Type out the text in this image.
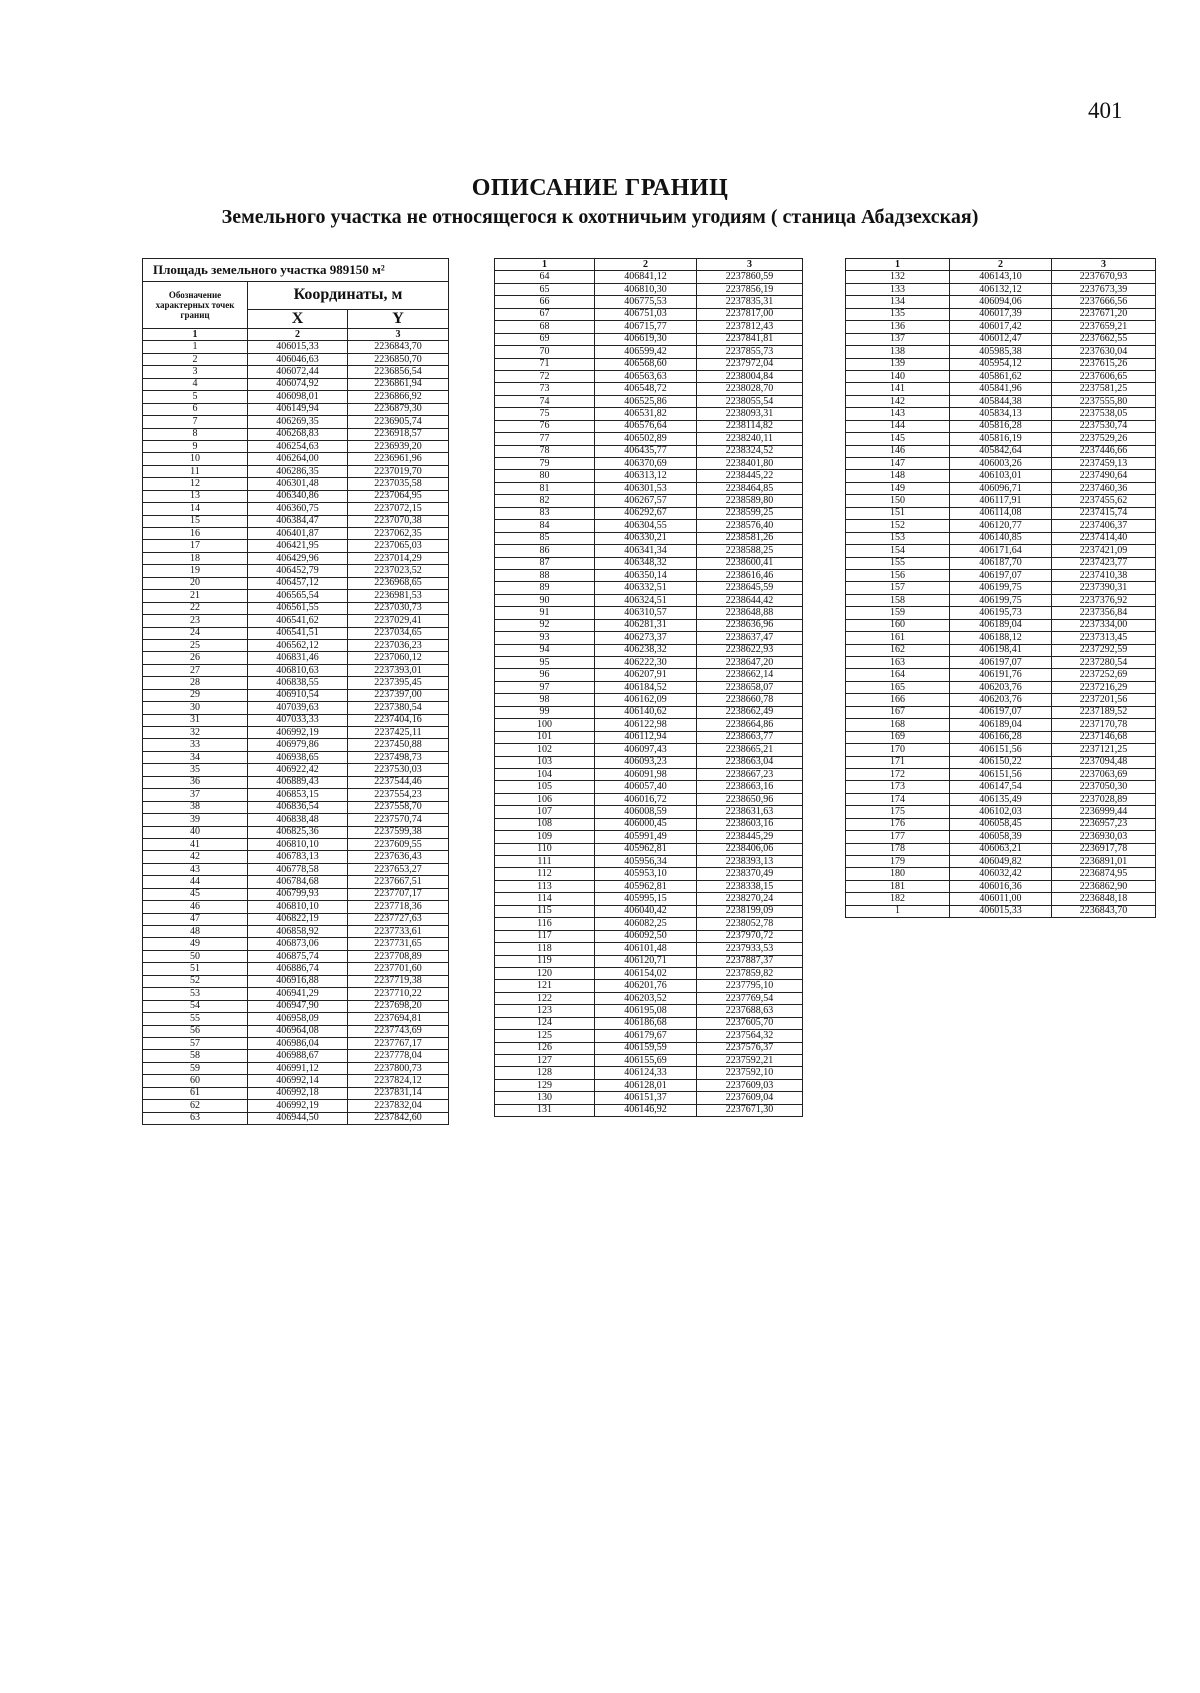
401
ОПИСАНИЕ ГРАНИЦ
Земельного участка не относящегося к охотничьим угодиям ( станица Абадзехская)
Площадь земельного участка 989150 м²		
Обозначение характерных точек границ	Координаты, м	
	X	Y
1	2	3
1	406015,33	2236843,70
2	406046,63	2236850,70
3	406072,44	2236856,54
4	406074,92	2236861,94
5	406098,01	2236866,92
6	406149,94	2236879,30
7	406269,35	2236905,74
8	406268,83	2236918,57
9	406254,63	2236939,20
10	406264,00	2236961,96
11	406286,35	2237019,70
12	406301,48	2237035,58
13	406340,86	2237064,95
14	406360,75	2237072,15
15	406384,47	2237070,38
16	406401,87	2237062,35
17	406421,95	2237065,03
18	406429,96	2237014,29
19	406452,79	2237023,52
20	406457,12	2236968,65
21	406565,54	2236981,53
22	406561,55	2237030,73
23	406541,62	2237029,41
24	406541,51	2237034,65
25	406562,12	2237036,23
26	406831,46	2237060,12
27	406810,63	2237393,01
28	406838,55	2237395,45
29	406910,54	2237397,00
30	407039,63	2237380,54
31	407033,33	2237404,16
32	406992,19	2237425,11
33	406979,86	2237450,88
34	406938,65	2237498,73
35	406922,42	2237530,03
36	406889,43	2237544,46
37	406853,15	2237554,23
38	406836,54	2237558,70
39	406838,48	2237570,74
40	406825,36	2237599,38
41	406810,10	2237609,55
42	406783,13	2237636,43
43	406778,58	2237653,27
44	406784,68	2237667,51
45	406799,93	2237707,17
46	406810,10	2237718,36
47	406822,19	2237727,63
48	406858,92	2237733,61
49	406873,06	2237731,65
50	406875,74	2237708,89
51	406886,74	2237701,60
52	406916,88	2237719,38
53	406941,29	2237710,22
54	406947,90	2237698,20
55	406958,09	2237694,81
56	406964,08	2237743,69
57	406986,04	2237767,17
58	406988,67	2237778,04
59	406991,12	2237800,73
60	406992,14	2237824,12
61	406992,18	2237831,14
62	406992,19	2237832,04
63	406944,50	2237842,60
1	2	3
64	406841,12	2237860,59
65	406810,30	2237856,19
66	406775,53	2237835,31
67	406751,03	2237817,00
68	406715,77	2237812,43
69	406619,30	2237841,81
70	406599,42	2237855,73
71	406568,60	2237972,04
72	406563,63	2238004,84
73	406548,72	2238028,70
74	406525,86	2238055,54
75	406531,82	2238093,31
76	406576,64	2238114,82
77	406502,89	2238240,11
78	406435,77	2238324,52
79	406370,69	2238401,80
80	406313,12	2238445,22
81	406301,53	2238464,85
82	406267,57	2238589,80
83	406292,67	2238599,25
84	406304,55	2238576,40
85	406330,21	2238581,26
86	406341,34	2238588,25
87	406348,32	2238600,41
88	406350,14	2238616,46
89	406332,51	2238645,59
90	406324,51	2238644,42
91	406310,57	2238648,88
92	406281,31	2238636,96
93	406273,37	2238637,47
94	406238,32	2238622,93
95	406222,30	2238647,20
96	406207,91	2238662,14
97	406184,52	2238658,07
98	406162,09	2238660,78
99	406140,62	2238662,49
100	406122,98	2238664,86
101	406112,94	2238663,77
102	406097,43	2238665,21
103	406093,23	2238663,04
104	406091,98	2238667,23
105	406057,40	2238663,16
106	406016,72	2238650,96
107	406008,59	2238631,63
108	406000,45	2238603,16
109	405991,49	2238445,29
110	405962,81	2238406,06
111	405956,34	2238393,13
112	405953,10	2238370,49
113	405962,81	2238338,15
114	405995,15	2238270,24
115	406040,42	2238199,09
116	406082,25	2238052,78
117	406092,50	2237970,72
118	406101,48	2237933,53
119	406120,71	2237887,37
120	406154,02	2237859,82
121	406201,76	2237795,10
122	406203,52	2237769,54
123	406195,08	2237688,63
124	406186,68	2237605,70
125	406179,67	2237564,32
126	406159,59	2237576,37
127	406155,69	2237592,21
128	406124,33	2237592,10
129	406128,01	2237609,03
130	406151,37	2237609,04
131	406146,92	2237671,30
1	2	3
132	406143,10	2237670,93
133	406132,12	2237673,39
134	406094,06	2237666,56
135	406017,39	2237671,20
136	406017,42	2237659,21
137	406012,47	2237662,55
138	405985,38	2237630,04
139	405954,12	2237615,26
140	405861,62	2237606,65
141	405841,96	2237581,25
142	405844,38	2237555,80
143	405834,13	2237538,05
144	405816,28	2237530,74
145	405816,19	2237529,26
146	405842,64	2237446,66
147	406003,26	2237459,13
148	406103,01	2237490,64
149	406096,71	2237460,36
150	406117,91	2237455,62
151	406114,08	2237415,74
152	406120,77	2237406,37
153	406140,85	2237414,40
154	406171,64	2237421,09
155	406187,70	2237423,77
156	406197,07	2237410,38
157	406199,75	2237390,31
158	406199,75	2237376,92
159	406195,73	2237356,84
160	406189,04	2237334,00
161	406188,12	2237313,45
162	406198,41	2237292,59
163	406197,07	2237280,54
164	406191,76	2237252,69
165	406203,76	2237216,29
166	406203,76	2237201,56
167	406197,07	2237189,52
168	406189,04	2237170,78
169	406166,28	2237146,68
170	406151,56	2237121,25
171	406150,22	2237094,48
172	406151,56	2237063,69
173	406147,54	2237050,30
174	406135,49	2237028,89
175	406102,03	2236999,44
176	406058,45	2236957,23
177	406058,39	2236930,03
178	406063,21	2236917,78
179	406049,82	2236891,01
180	406032,42	2236874,95
181	406016,36	2236862,90
182	406011,00	2236848,18
1	406015,33	2236843,70
